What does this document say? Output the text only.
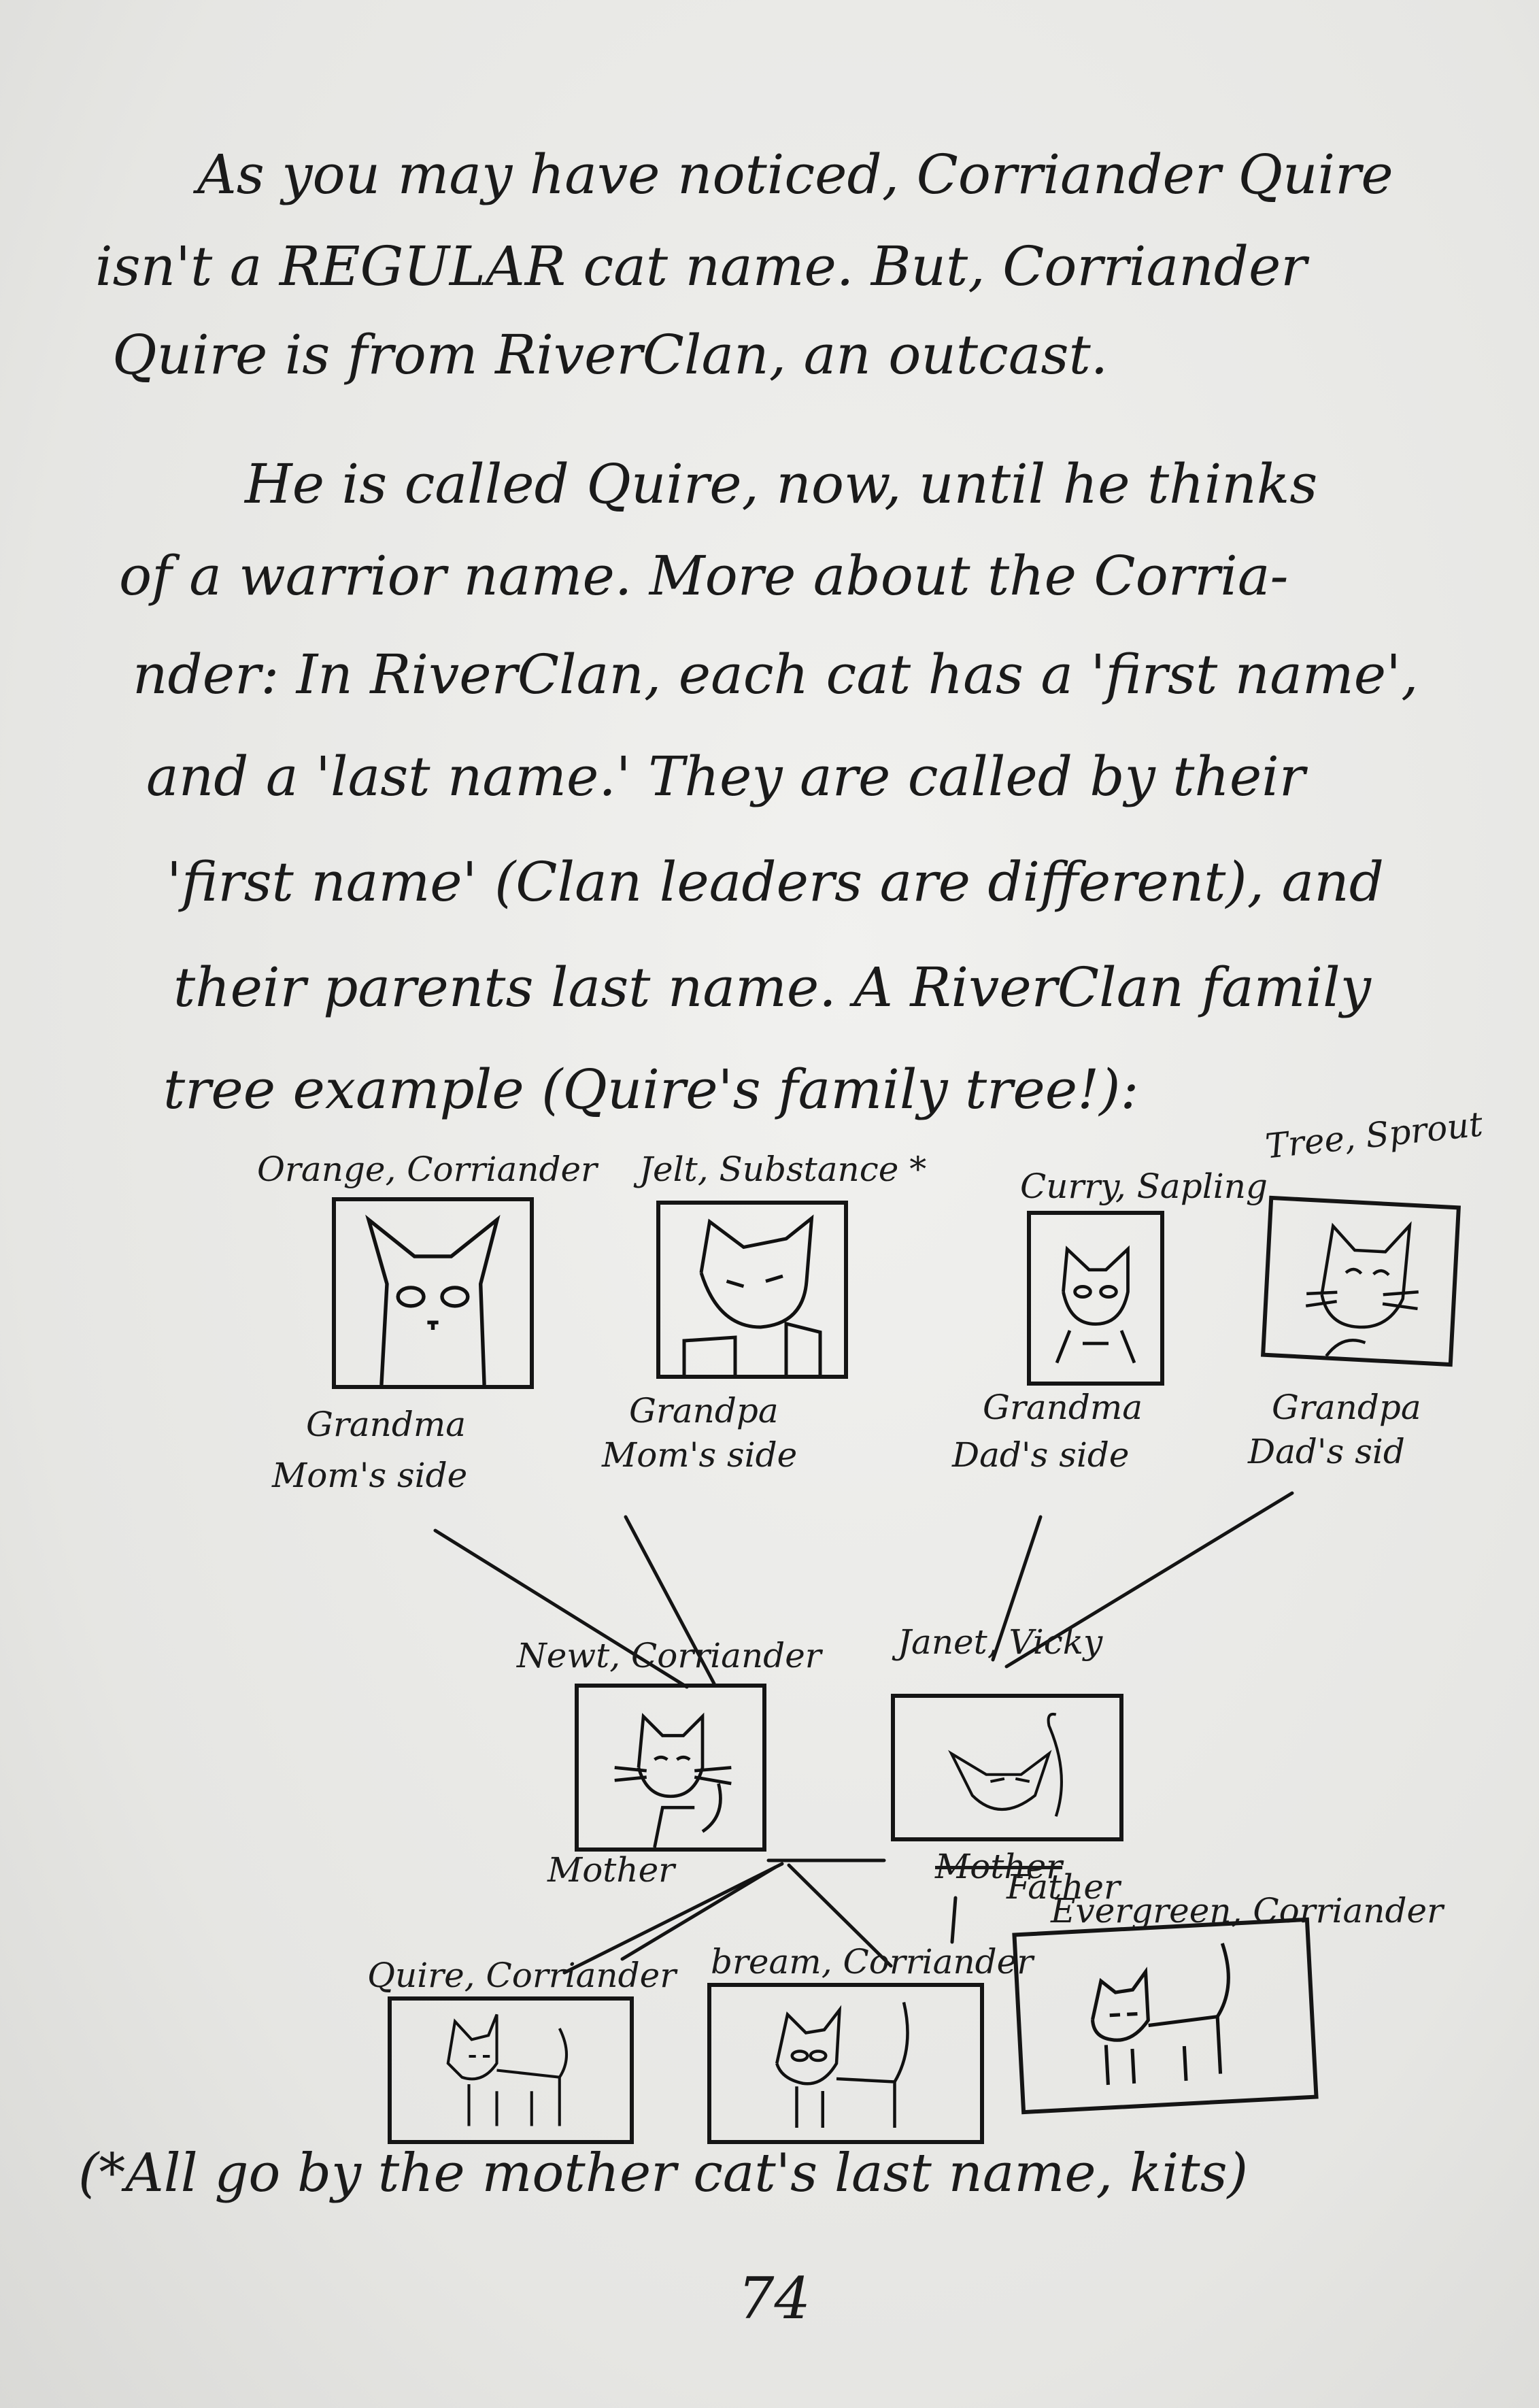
As you may have noticed, Corriander Quire
isn't a REGULAR cat name. But, Corriander
Quire is from RiverClan, an outcast.
He is called Quire, now, until he thinks
of a warrior name. More about the Corria-
nder: In RiverClan, each cat has a 'first name',
and a 'last name.' They are called by their
'first name' (Clan leaders are different), and
their parents last name. A RiverClan family
tree example (Quire's family tree!):
Orange, Corriander Jelt, Substance *	Curry, Sapling
Tree, Sprout
Grandma
Mom's side
Grandpa
Mom's side
Grandma
Dad's side
Grandpa
Dad's sid
Newt, Corriander Janet, Vicky
Mother	Mother
Father
Quire, Corriander bream, Corriander
Evergreen, Corriander
(*All go by the mother cat's last name, kits)
74
